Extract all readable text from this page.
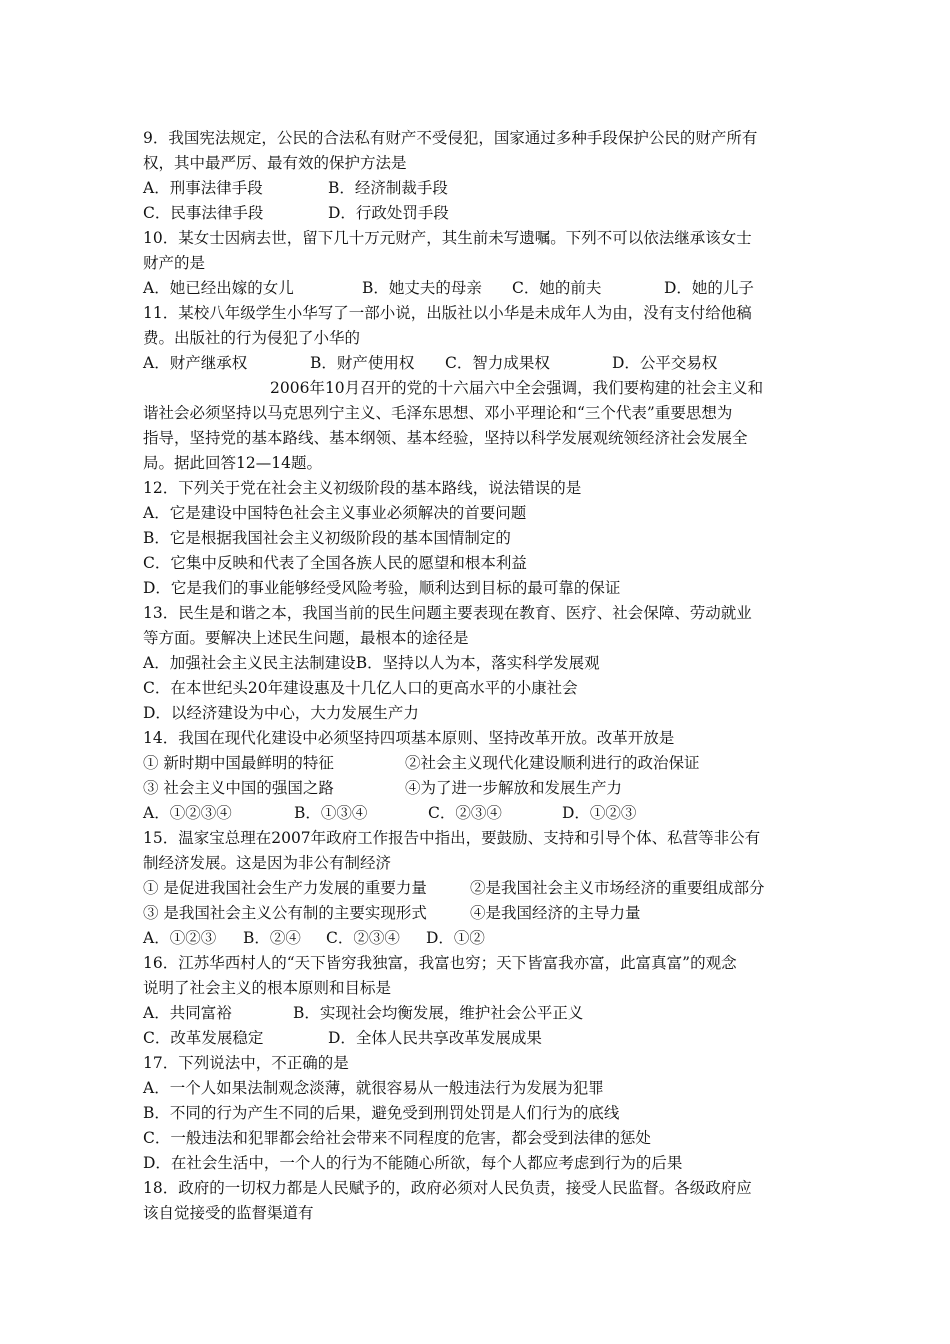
9．我国宪法规定，公民的合法私有财产不受侵犯，国家通过多种手段保护公民的财产所有
权，其中最严厉、最有效的保护方法是
A．刑事法律手段	B．经济制裁手段
C．民事法律手段	D．行政处罚手段
10．某女士因病去世，留下几十万元财产，其生前未写遗嘱。下列不可以依法继承该女士
财产的是
A．她已经出嫁的女儿	B．她丈夫的母亲 C．她的前夫	D．她的儿子
11．某校八年级学生小华写了一部小说，出版社以小华是未成年人为由，没有支付给他稿
费。出版社的行为侵犯了小华的
A．财产继承权	B．财产使用权 C．智力成果权	D．公平交易权
2006年10月召开的党的十六届六中全会强调，我们要构建的社会主义和
谐社会必须坚持以马克思列宁主义、毛泽东思想、邓小平理论和“三个代表”重要思想为
指导，坚持党的基本路线、基本纲领、基本经验，坚持以科学发展观统领经济社会发展全
局。据此回答12—14题。
12．下列关于党在社会主义初级阶段的基本路线，说法错误的是
A．它是建设中国特色社会主义事业必须解决的首要问题
B．它是根据我国社会主义初级阶段的基本国情制定的
C．它集中反映和代表了全国各族人民的愿望和根本利益
D．它是我们的事业能够经受风险考验，顺利达到目标的最可靠的保证
13．民生是和谐之本，我国当前的民生问题主要表现在教育、医疗、社会保障、劳动就业
等方面。要解决上述民生问题，最根本的途径是
A．加强社会主义民主法制建设B．坚持以人为本，落实科学发展观
C．在本世纪头20年建设惠及十几亿人口的更高水平的小康社会
D．以经济建设为中心，大力发展生产力
14．我国在现代化建设中必须坚持四项基本原则、坚持改革开放。改革开放是
① 新时期中国最鲜明的特征	②社会主义现代化建设顺利进行的政治保证
③ 社会主义中国的强国之路	④为了进一步解放和发展生产力
A．①②③④	B．①③④	C．②③④	D．①②③
15．温家宝总理在2007年政府工作报告中指出，要鼓励、支持和引导个体、私营等非公有
制经济发展。这是因为非公有制经济
① 是促进我国社会生产力发展的重要力量	②是我国社会主义市场经济的重要组成部分
③ 是我国社会主义公有制的主要实现形式	④是我国经济的主导力量
A．①②③ B．②④ C．②③④ D．①②
16．江苏华西村人的“天下皆穷我独富，我富也穷；天下皆富我亦富，此富真富”的观念
说明了社会主义的根本原则和目标是
A．共同富裕	B．实现社会均衡发展，维护社会公平正义
C．改革发展稳定	D．全体人民共享改革发展成果
17．下列说法中，不正确的是
A．一个人如果法制观念淡薄，就很容易从一般违法行为发展为犯罪
B．不同的行为产生不同的后果，避免受到刑罚处罚是人们行为的底线
C．一般违法和犯罪都会给社会带来不同程度的危害，都会受到法律的惩处
D．在社会生活中，一个人的行为不能随心所欲，每个人都应考虑到行为的后果
18．政府的一切权力都是人民赋予的，政府必须对人民负责，接受人民监督。各级政府应
该自觉接受的监督渠道有
